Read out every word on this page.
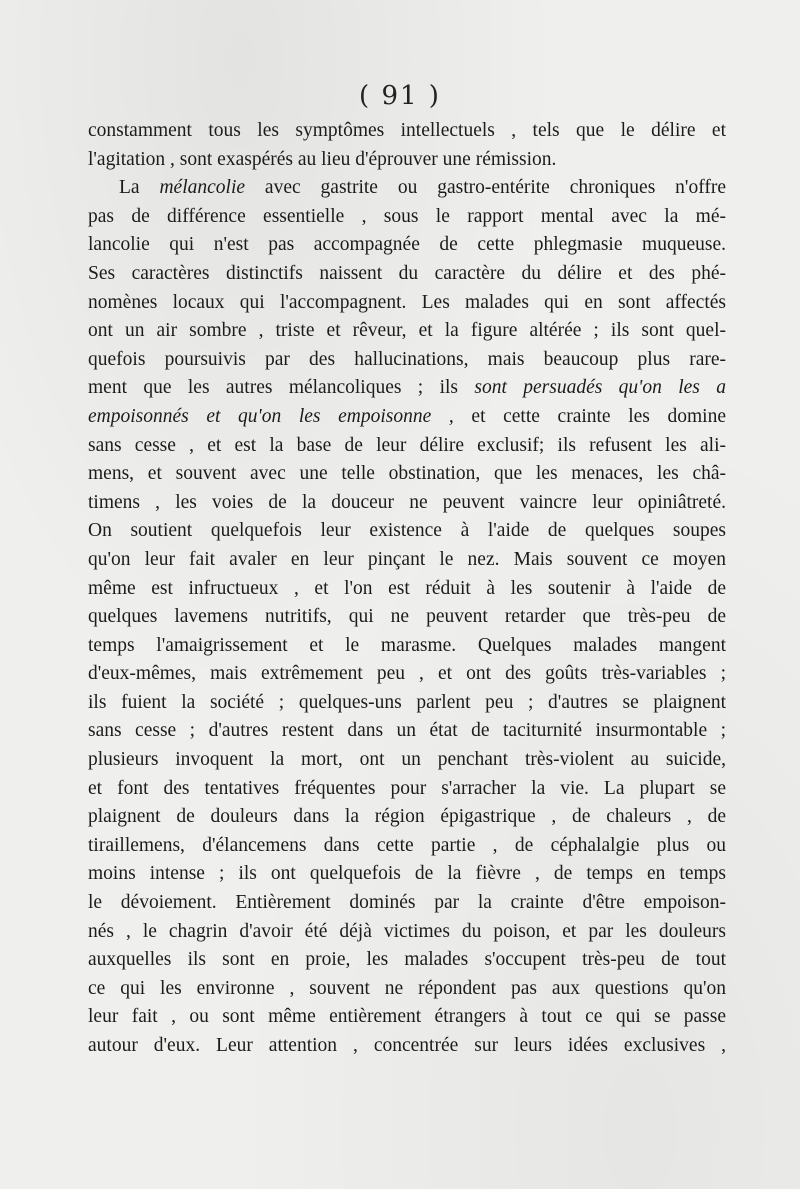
( 91 )
constamment tous les symptômes intellectuels , tels que le délire et
l'agitation , sont exaspérés au lieu d'éprouver une rémission.
La mélancolie avec gastrite ou gastro-entérite chroniques n'offre
pas de différence essentielle , sous le rapport mental avec la mé-
lancolie qui n'est pas accompagnée de cette phlegmasie muqueuse.
Ses caractères distinctifs naissent du caractère du délire et des phé-
nomènes locaux qui l'accompagnent. Les malades qui en sont affectés
ont un air sombre , triste et rêveur, et la figure altérée ; ils sont quel-
quefois poursuivis par des hallucinations, mais beaucoup plus rare-
ment que les autres mélancoliques ; ils sont persuadés qu'on les a
empoisonnés et qu'on les empoisonne , et cette crainte les domine
sans cesse , et est la base de leur délire exclusif; ils refusent les ali-
mens, et souvent avec une telle obstination, que les menaces, les châ-
timens , les voies de la douceur ne peuvent vaincre leur opiniâtreté.
On soutient quelquefois leur existence à l'aide de quelques soupes
qu'on leur fait avaler en leur pinçant le nez. Mais souvent ce moyen
même est infructueux , et l'on est réduit à les soutenir à l'aide de
quelques lavemens nutritifs, qui ne peuvent retarder que très-peu de
temps l'amaigrissement et le marasme. Quelques malades mangent
d'eux-mêmes, mais extrêmement peu , et ont des goûts très-variables ;
ils fuient la société ; quelques-uns parlent peu ; d'autres se plaignent
sans cesse ; d'autres restent dans un état de taciturnité insurmontable ;
plusieurs invoquent la mort, ont un penchant très-violent au suicide,
et font des tentatives fréquentes pour s'arracher la vie. La plupart se
plaignent de douleurs dans la région épigastrique , de chaleurs , de
tiraillemens, d'élancemens dans cette partie , de céphalalgie plus ou
moins intense ; ils ont quelquefois de la fièvre , de temps en temps
le dévoiement. Entièrement dominés par la crainte d'être empoison-
nés , le chagrin d'avoir été déjà victimes du poison, et par les douleurs
auxquelles ils sont en proie, les malades s'occupent très-peu de tout
ce qui les environne , souvent ne répondent pas aux questions qu'on
leur fait , ou sont même entièrement étrangers à tout ce qui se passe
autour d'eux. Leur attention , concentrée sur leurs idées exclusives ,
